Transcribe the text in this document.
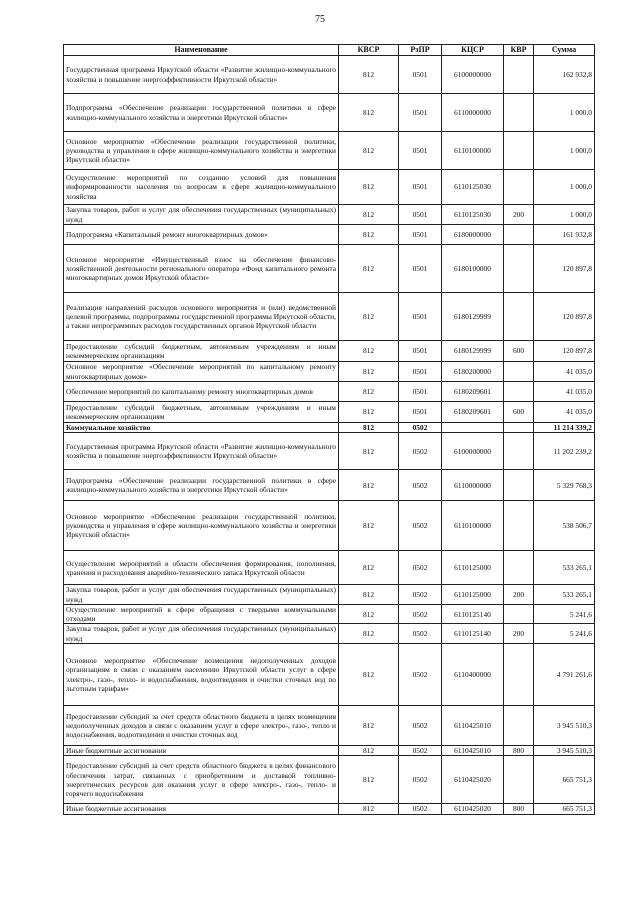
75
Наименование	КВСР	РзПР	КЦСР	КВР	Сумма
Государственная программа Иркутской области «Развитие жилищно-коммунального хозяйства и повышение энергоэффективности Иркутской области»	812	0501	6100000000		162 932,8
Подпрограмма «Обеспечение реализации государственной политики в сфере жилищно-коммунального хозяйства и энергетики Иркутской области»	812	0501	6110000000		1 000,0
Основное мероприятие «Обеспечение реализации государственной политики, руководства и управления в сфере жилищно-коммунального хозяйства и энергетики Иркутской области»	812	0501	6110100000		1 000,0
Осуществление мероприятий по созданию условий для повышения информированности населения по вопросам в сфере жилищно-коммунального хозяйства	812	0501	6110125030		1 000,0
Закупка товаров, работ и услуг для обеспечения государственных (муниципальных) нужд	812	0501	6110125030	200	1 000,0
Подпрограмма «Капитальный ремонт многоквартирных домов»	812	0501	6180000000		161 932,8
Основное мероприятие «Имущественный взнос на обеспечение финансово-хозяйственной деятельности регионального оператора «Фонд капитального ремонта многоквартирных домов Иркутской области»	812	0501	6180100000		120 897,8
Реализация направлений расходов основного мероприятия и (или) ведомственной целевой программы, подпрограммы государственной программы Иркутской области, а также непрограммных расходов государственных органов Иркутской области	812	0501	6180129999		120 897,8
Предоставление субсидий бюджетным, автономным учреждениям и иным некоммерческим организациям	812	0501	6180129999	600	120 897,8
Основное мероприятие «Обеспечение мероприятий по капитальному ремонту многоквартирных домов»	812	0501	6180200000		41 035,0
Обеспечение мероприятий по капитальному ремонту многоквартирных домов	812	0501	6180209601		41 035,0
Предоставление субсидий бюджетным, автономным учреждениям и иным некоммерческим организациям	812	0501	6180209601	600	41 035,0
Коммунальное хозяйство	812	0502			11 214 339,2
Государственная программа Иркутской области «Развитие жилищно-коммунального хозяйства и повышение энергоэффективности Иркутской области»	812	0502	6100000000		11 202 239,2
Подпрограмма «Обеспечение реализации государственной политики в сфере жилищно-коммунального хозяйства и энергетики Иркутской области»	812	0502	6110000000		5 329 768,3
Основное мероприятие «Обеспечение реализации государственной политики, руководства и управления в сфере жилищно-коммунального хозяйства и энергетики Иркутской области»	812	0502	6110100000		538 506,7
Осуществление мероприятий в области обеспечения формирования, пополнения, хранения и расходования аварийно-технического запаса Иркутской области	812	0502	6110125000		533 265,1
Закупка товаров, работ и услуг для обеспечения государственных (муниципальных) нужд	812	0502	6110125000	200	533 265,1
Осуществление мероприятий в сфере обращения с твердыми коммунальными отходами	812	0502	6110125140		5 241,6
Закупка товаров, работ и услуг для обеспечения государственных (муниципальных) нужд	812	0502	6110125140	200	5 241,6
Основное мероприятие «Обеспечение возмещения недополученных доходов организациям в связи с оказанием населению Иркутской области услуг в сфере электро-, газо-, тепло- и водоснабжения, водоотведения и очистки сточных вод по льготным тарифам»	812	0502	6110400000		4 791 261,6
Предоставление субсидий за счет средств областного бюджета в целях возмещения недополученных доходов в связи с оказанием услуг в сфере электро-, газо-, тепло и водоснабжения, водоотведения и очистки сточных вод	812	0502	6110425010		3 945 510,3
Иные бюджетные ассигнования	812	0502	6110425010	800	3 945 510,3
Предоставление субсидий за счет средств областного бюджета в целях финансового обеспечения затрат, связанных с приобретением и доставкой топливно-энергетических ресурсов для оказания услуг в сфере электро-, газо-, тепло- и горячего водоснабжения	812	0502	6110425020		665 751,3
Иные бюджетные ассигнования	812	0502	6110425020	800	665 751,3
